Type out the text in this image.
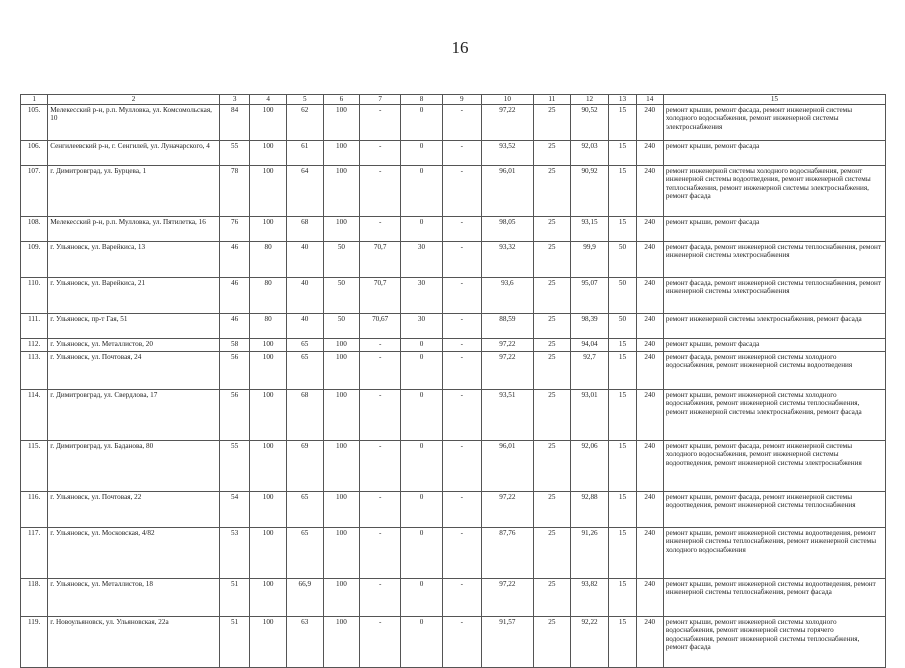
16
1	2	3	4	5	6	7	8	9	10	11	12	13	14	15
105.	Мелекесский р-н, р.п. Мулловка, ул. Комсомольская, 10	84	100	62	100	-	0	-	97,22	25	90,52	15	240	ремонт крыши, ремонт фасада, ремонт инженерной системы холодного водоснабжения, ремонт инженерной системы электроснабжения
106.	Сенгилеевский р-н, г. Сенгилей, ул. Луначарского, 4	55	100	61	100	-	0	-	93,52	25	92,03	15	240	ремонт крыши, ремонт фасада
107.	г. Димитровград, ул. Бурцева, 1	78	100	64	100	-	0	-	96,01	25	90,92	15	240	ремонт инженерной системы холодного водоснабжения, ремонт инженерной системы водоотведения, ремонт инженерной системы теплоснабжения, ремонт инженерной системы электроснабжения, ремонт фасада
108.	Мелекесский р-н, р.п. Мулловка, ул. Пятилетка, 16	76	100	68	100	-	0	-	98,05	25	93,15	15	240	ремонт крыши, ремонт фасада
109.	г. Ульяновск, ул. Варейкиса, 13	46	80	40	50	70,7	30	-	93,32	25	99,9	50	240	ремонт фасада, ремонт инженерной системы теплоснабжения, ремонт инженерной системы электроснабжения
110.	г. Ульяновск, ул. Варейкиса, 21	46	80	40	50	70,7	30	-	93,6	25	95,07	50	240	ремонт фасада, ремонт инженерной системы теплоснабжения, ремонт инженерной системы электроснабжения
111.	г. Ульяновск, пр-т Гая, 51	46	80	40	50	70,67	30	-	88,59	25	98,39	50	240	ремонт инженерной системы электроснабжения, ремонт фасада
112.	г. Ульяновск, ул. Металлистов, 20	58	100	65	100	-	0	-	97,22	25	94,04	15	240	ремонт крыши, ремонт фасада
113.	г. Ульяновск, ул. Почтовая, 24	56	100	65	100	-	0	-	97,22	25	92,7	15	240	ремонт фасада, ремонт инженерной системы холодного водоснабжения, ремонт инженерной системы водоотведения
114.	г. Димитровград, ул. Свердлова, 17	56	100	68	100	-	0	-	93,51	25	93,01	15	240	ремонт крыши, ремонт инженерной системы холодного водоснабжения, ремонт инженерной системы теплоснабжения, ремонт инженерной системы электроснабжения, ремонт фасада
115.	г. Димитровград, ул. Баданова, 80	55	100	69	100	-	0	-	96,01	25	92,06	15	240	ремонт крыши, ремонт фасада, ремонт инженерной системы холодного водоснабжения, ремонт инженерной системы водоотведения, ремонт инженерной системы электроснабжения
116.	г. Ульяновск, ул. Почтовая, 22	54	100	65	100	-	0	-	97,22	25	92,88	15	240	ремонт крыши, ремонт фасада, ремонт инженерной системы водоотведения, ремонт инженерной системы теплоснабжения
117.	г. Ульяновск, ул. Московская, 4/82	53	100	65	100	-	0	-	87,76	25	91,26	15	240	ремонт крыши, ремонт инженерной системы водоотведения, ремонт инженерной системы теплоснабжения, ремонт инженерной системы холодного водоснабжения
118.	г. Ульяновск, ул. Металлистов, 18	51	100	66,9	100	-	0	-	97,22	25	93,82	15	240	ремонт крыши, ремонт инженерной системы водоотведения, ремонт инженерной системы теплоснабжения, ремонт фасада
119.	г. Новоульяновск, ул. Ульяновская, 22а	51	100	63	100	-	0	-	91,57	25	92,22	15	240	ремонт крыши, ремонт инженерной системы холодного водоснабжения, ремонт инженерной системы горячего водоснабжения, ремонт инженерной системы теплоснабжения, ремонт фасада
